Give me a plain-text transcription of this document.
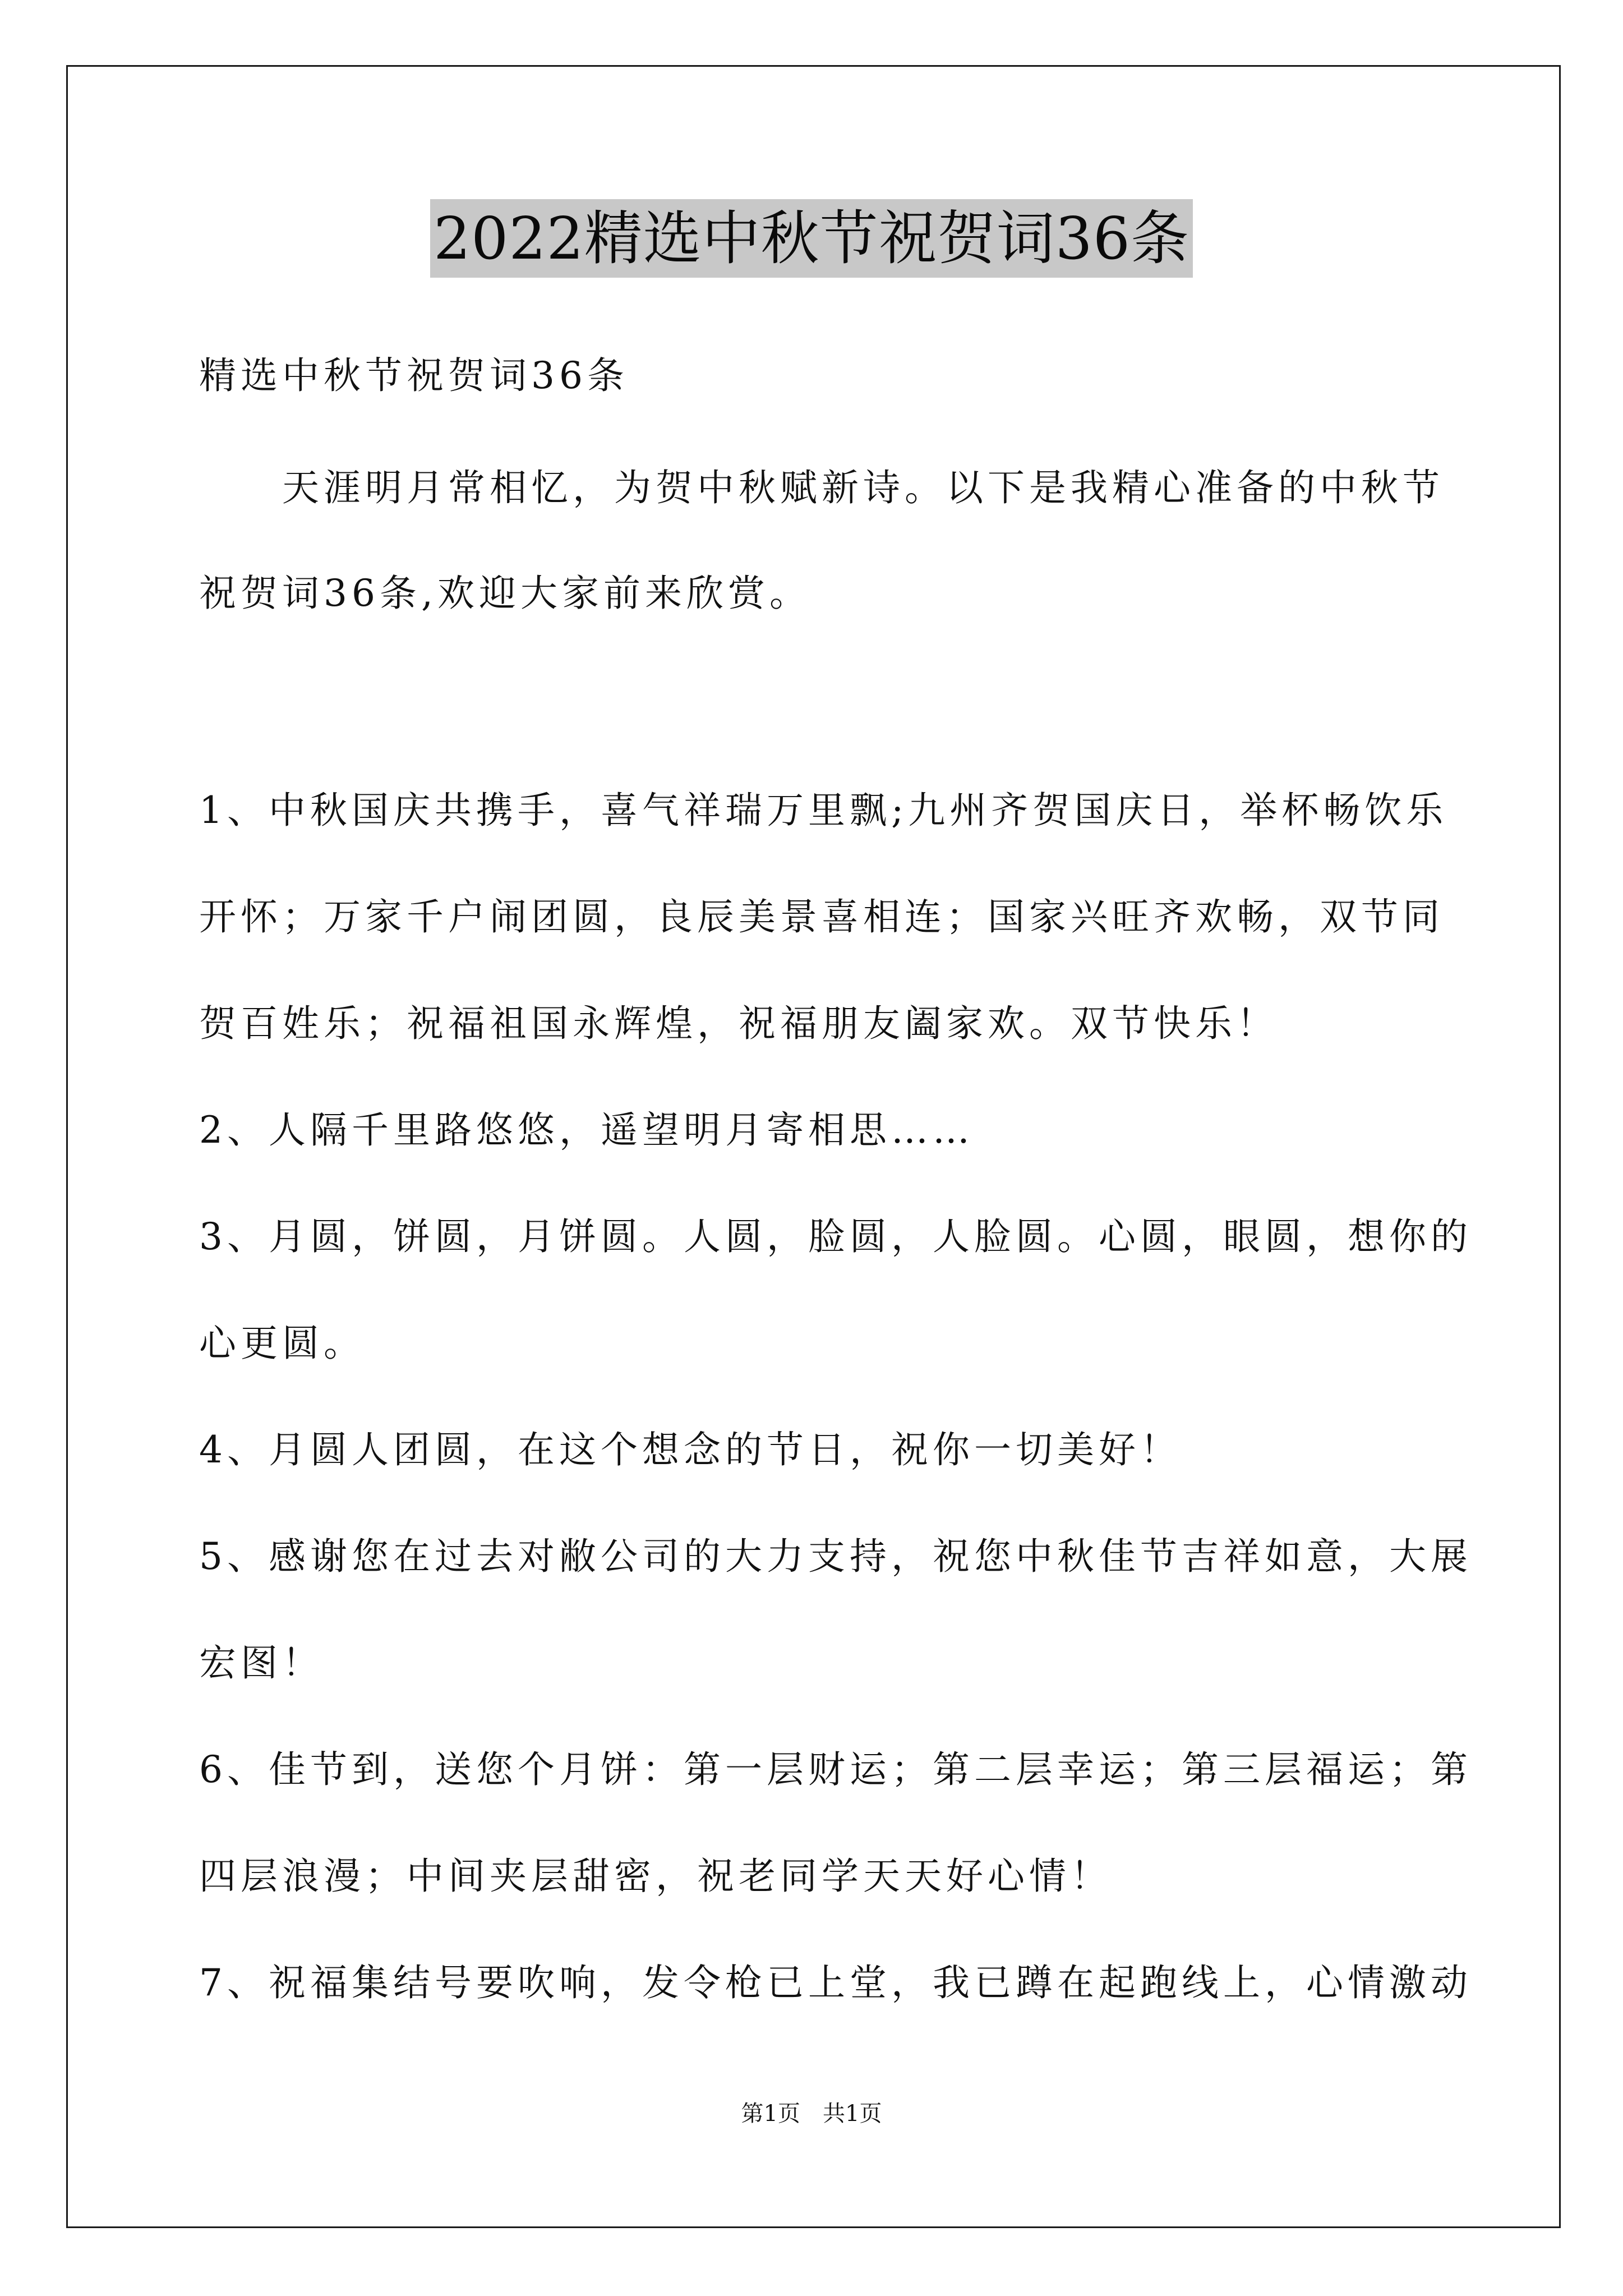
2022精选中秋节祝贺词36条
精选中秋节祝贺词36条
　　天涯明月常相忆，为贺中秋赋新诗。以下是我精心准备的中秋节
祝贺词36条,欢迎大家前来欣赏。
1、中秋国庆共携手，喜气祥瑞万里飘;九州齐贺国庆日，举杯畅饮乐
开怀；万家千户闹团圆，良辰美景喜相连；国家兴旺齐欢畅，双节同
贺百姓乐；祝福祖国永辉煌，祝福朋友阖家欢。双节快乐！
2、人隔千里路悠悠，遥望明月寄相思……
3、月圆，饼圆，月饼圆。人圆，脸圆，人脸圆。心圆，眼圆，想你的
心更圆。
4、月圆人团圆，在这个想念的节日，祝你一切美好！
5、感谢您在过去对敝公司的大力支持，祝您中秋佳节吉祥如意，大展
宏图！
6、佳节到，送您个月饼：第一层财运；第二层幸运；第三层福运；第
四层浪漫；中间夹层甜密，祝老同学天天好心情！
7、祝福集结号要吹响，发令枪已上堂，我已蹲在起跑线上，心情激动
第1页　共1页
